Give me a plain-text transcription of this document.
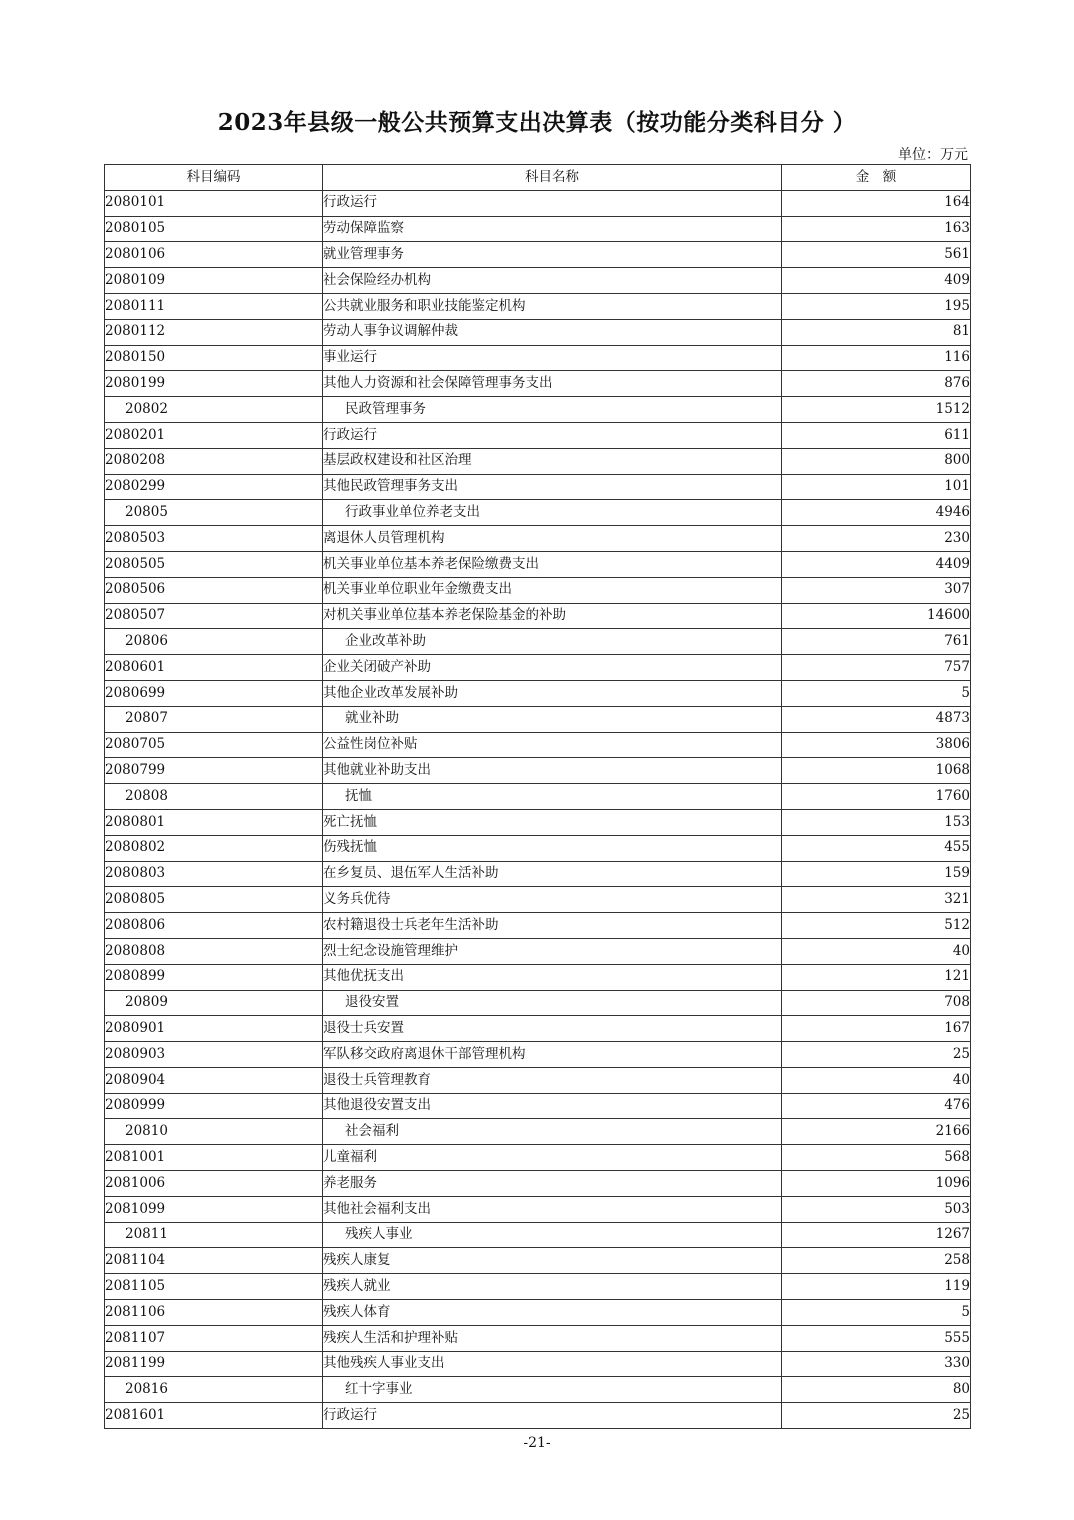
2023年县级一般公共预算支出决算表（按功能分类科目分 ）
单位：万元
科目编码	科目名称	金　额
2080101	行政运行	164
2080105	劳动保障监察	163
2080106	就业管理事务	561
2080109	社会保险经办机构	409
2080111	公共就业服务和职业技能鉴定机构	195
2080112	劳动人事争议调解仲裁	81
2080150	事业运行	116
2080199	其他人力资源和社会保障管理事务支出	876
20802	民政管理事务	1512
2080201	行政运行	611
2080208	基层政权建设和社区治理	800
2080299	其他民政管理事务支出	101
20805	行政事业单位养老支出	4946
2080503	离退休人员管理机构	230
2080505	机关事业单位基本养老保险缴费支出	4409
2080506	机关事业单位职业年金缴费支出	307
2080507	对机关事业单位基本养老保险基金的补助	14600
20806	企业改革补助	761
2080601	企业关闭破产补助	757
2080699	其他企业改革发展补助	5
20807	就业补助	4873
2080705	公益性岗位补贴	3806
2080799	其他就业补助支出	1068
20808	抚恤	1760
2080801	死亡抚恤	153
2080802	伤残抚恤	455
2080803	在乡复员、退伍军人生活补助	159
2080805	义务兵优待	321
2080806	农村籍退役士兵老年生活补助	512
2080808	烈士纪念设施管理维护	40
2080899	其他优抚支出	121
20809	退役安置	708
2080901	退役士兵安置	167
2080903	军队移交政府离退休干部管理机构	25
2080904	退役士兵管理教育	40
2080999	其他退役安置支出	476
20810	社会福利	2166
2081001	儿童福利	568
2081006	养老服务	1096
2081099	其他社会福利支出	503
20811	残疾人事业	1267
2081104	残疾人康复	258
2081105	残疾人就业	119
2081106	残疾人体育	5
2081107	残疾人生活和护理补贴	555
2081199	其他残疾人事业支出	330
20816	红十字事业	80
2081601	行政运行	25
-21-
